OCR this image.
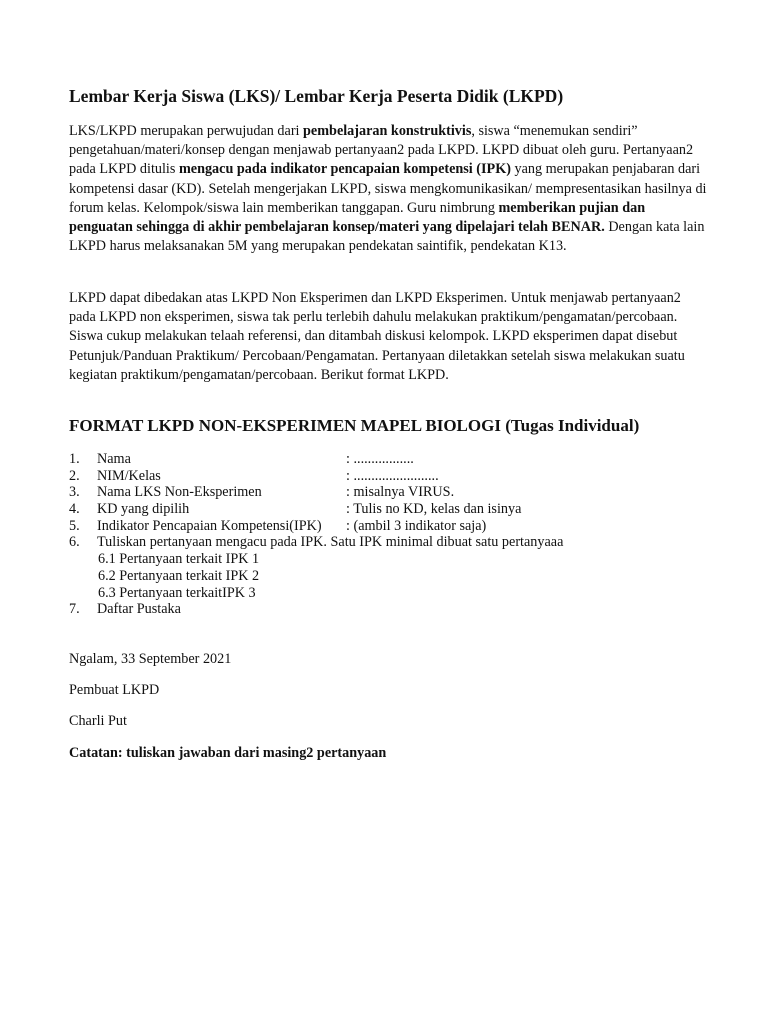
Lembar Kerja Siswa (LKS)/ Lembar Kerja Peserta Didik (LKPD)

LKS/LKPD merupakan perwujudan dari pembelajaran konstruktivis, siswa “menemukan sendiri” pengetahuan/materi/konsep dengan menjawab pertanyaan2 pada LKPD. LKPD dibuat oleh guru. Pertanyaan2 pada LKPD ditulis mengacu pada indikator pencapaian kompetensi (IPK) yang merupakan penjabaran dari kompetensi dasar (KD). Setelah mengerjakan LKPD, siswa mengkomunikasikan/ mempresentasikan hasilnya di forum kelas. Kelompok/siswa lain memberikan tanggapan. Guru nimbrung memberikan pujian dan penguatan sehingga di akhir pembelajaran konsep/materi yang dipelajari telah BENAR. Dengan kata lain LKPD harus melaksanakan 5M yang merupakan pendekatan saintifik, pendekatan K13.

LKPD dapat dibedakan atas LKPD Non Eksperimen dan LKPD Eksperimen. Untuk menjawab pertanyaan2 pada LKPD non eksperimen, siswa tak perlu terlebih dahulu melakukan praktikum/pengamatan/percobaan. Siswa cukup melakukan telaah referensi, dan ditambah diskusi kelompok. LKPD eksperimen dapat disebut Petunjuk/Panduan Praktikum/ Percobaan/Pengamatan. Pertanyaan diletakkan setelah siswa melakukan suatu kegiatan praktikum/pengamatan/percobaan. Berikut format LKPD.

FORMAT LKPD NON-EKSPERIMEN MAPEL BIOLOGI (Tugas Individual)
1. Nama	: .................
2. NIM/Kelas	: ........................
3. Nama LKS Non-Eksperimen	: misalnya VIRUS.
4. KD yang dipilih	: Tulis no KD, kelas dan isinya
5. Indikator Pencapaian Kompetensi(IPK) : (ambil 3 indikator saja)
6. Tuliskan pertanyaan mengacu pada IPK. Satu IPK minimal dibuat satu pertanyaaa
6.1 Pertanyaan terkait IPK 1
6.2 Pertanyaan terkait IPK 2
6.3 Pertanyaan terkaitIPK 3
7. Daftar Pustaka

Ngalam, 33 September 2021

Pembuat LKPD

Charli Put

Catatan: tuliskan jawaban dari masing2 pertanyaan
